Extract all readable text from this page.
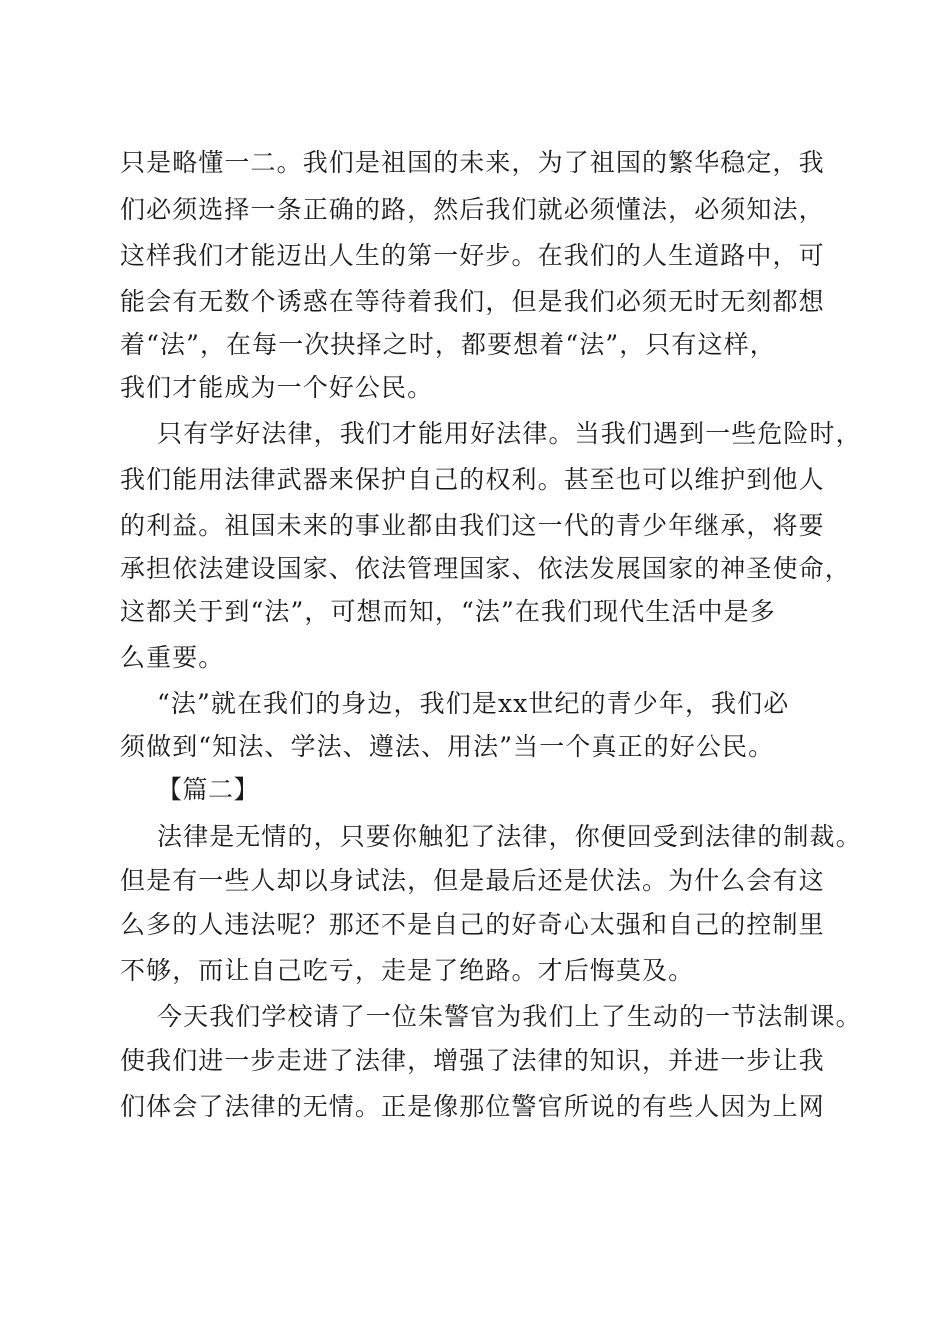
只是略懂一二。我们是祖国的未来，为了祖国的繁华稳定，我

们必须选择一条正确的路，然后我们就必须懂法，必须知法，

这样我们才能迈出人生的第一好步。在我们的人生道路中，可

能会有无数个诱惑在等待着我们，但是我们必须无时无刻都想

着“法”，在每一次抉择之时，都要想着“法”，只有这样，

我们才能成为一个好公民。

只有学好法律，我们才能用好法律。当我们遇到一些危险时，

我们能用法律武器来保护自己的权利。甚至也可以维护到他人

的利益。祖国未来的事业都由我们这一代的青少年继承，将要

承担依法建设国家、依法管理国家、依法发展国家的神圣使命，

这都关于到“法”，可想而知，“法”在我们现代生活中是多

么重要。

“法”就在我们的身边，我们是xx世纪的青少年，我们必

须做到“知法、学法、遵法、用法”当一个真正的好公民。

【篇二】

法律是无情的，只要你触犯了法律，你便回受到法律的制裁。

但是有一些人却以身试法，但是最后还是伏法。为什么会有这

么多的人违法呢？那还不是自己的好奇心太强和自己的控制里

不够，而让自己吃亏，走是了绝路。才后悔莫及。

今天我们学校请了一位朱警官为我们上了生动的一节法制课。

使我们进一步走进了法律，增强了法律的知识，并进一步让我

们体会了法律的无情。正是像那位警官所说的有些人因为上网
